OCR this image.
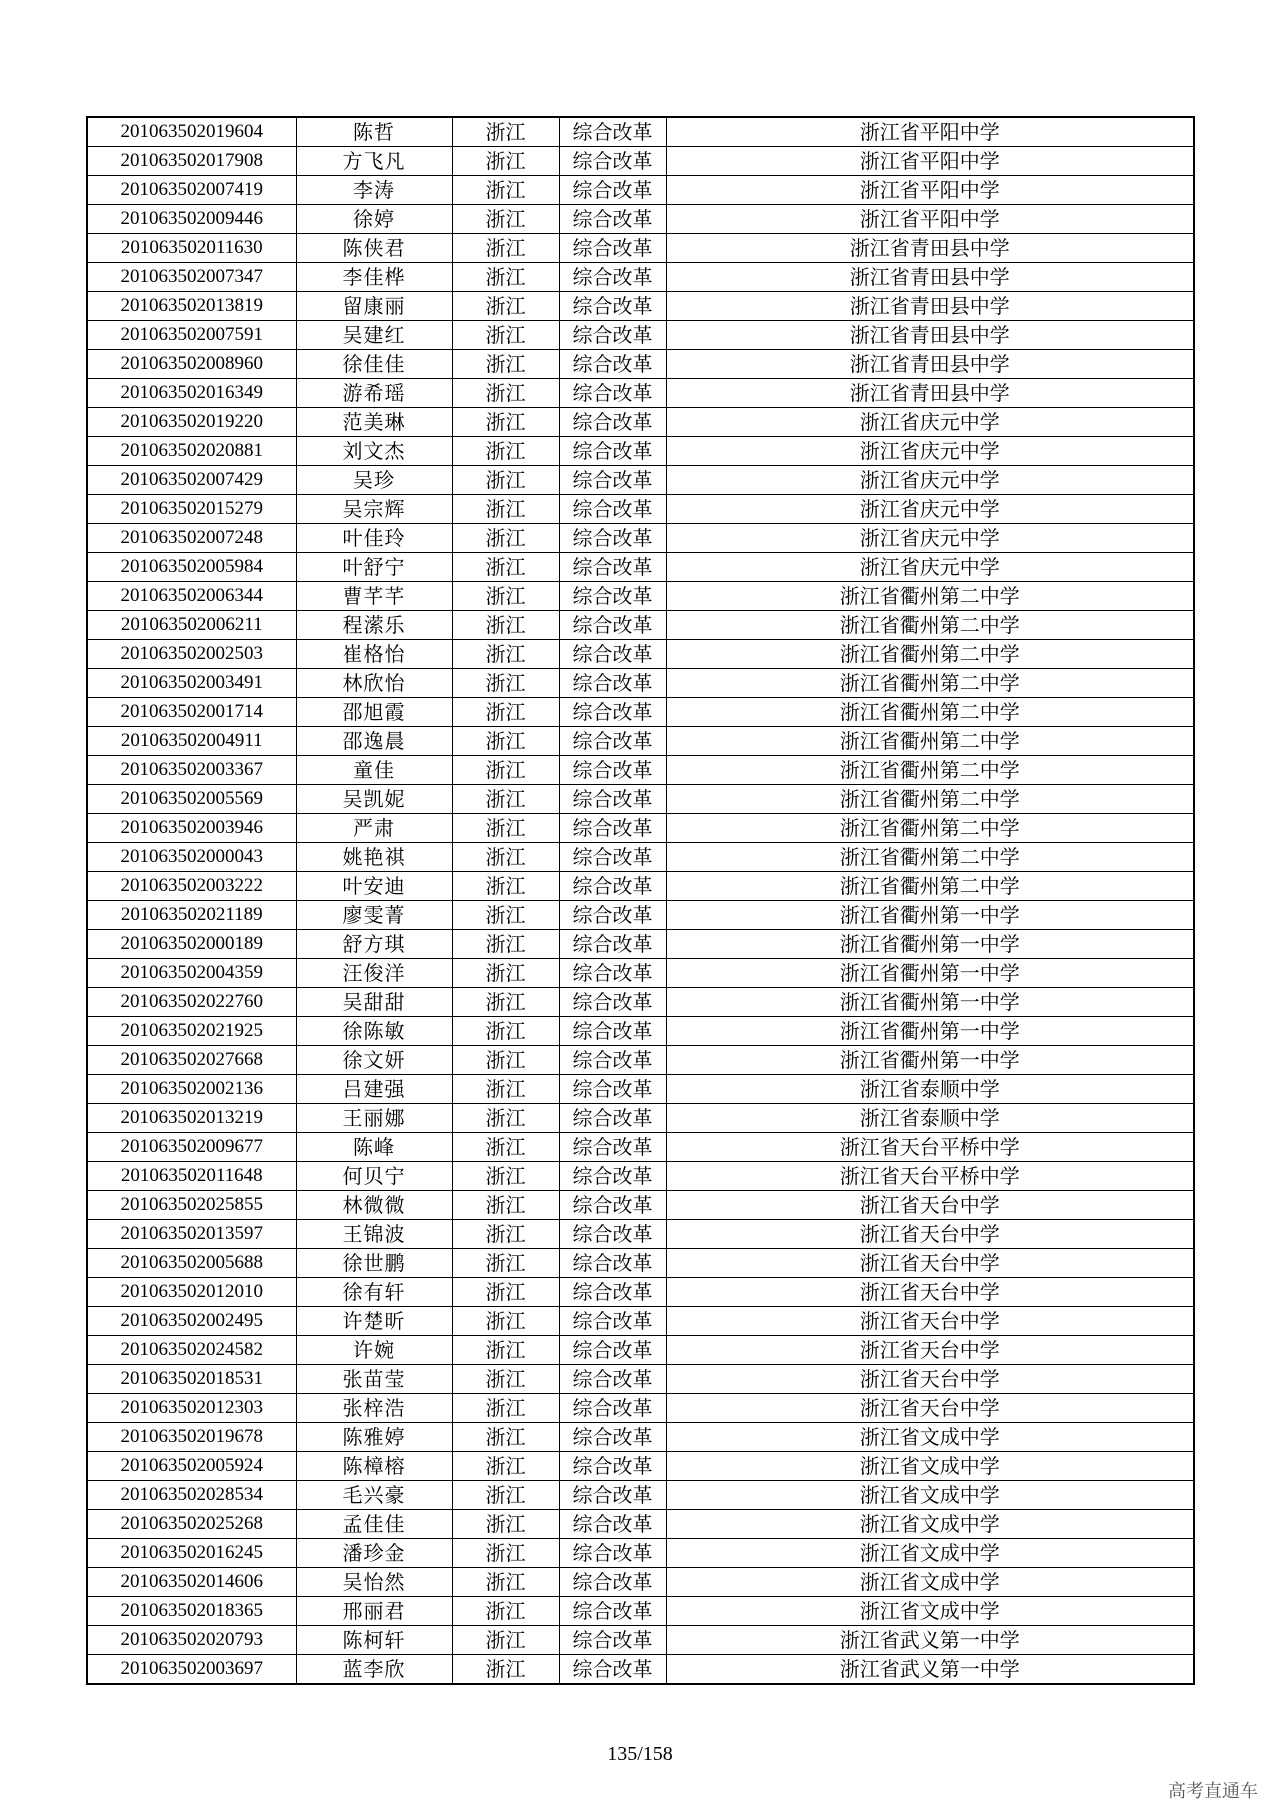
201063502019604	陈哲	浙江	综合改革	浙江省平阳中学
201063502017908	方飞凡	浙江	综合改革	浙江省平阳中学
201063502007419	李涛	浙江	综合改革	浙江省平阳中学
201063502009446	徐婷	浙江	综合改革	浙江省平阳中学
201063502011630	陈侠君	浙江	综合改革	浙江省青田县中学
201063502007347	李佳桦	浙江	综合改革	浙江省青田县中学
201063502013819	留康丽	浙江	综合改革	浙江省青田县中学
201063502007591	吴建红	浙江	综合改革	浙江省青田县中学
201063502008960	徐佳佳	浙江	综合改革	浙江省青田县中学
201063502016349	游希瑶	浙江	综合改革	浙江省青田县中学
201063502019220	范美琳	浙江	综合改革	浙江省庆元中学
201063502020881	刘文杰	浙江	综合改革	浙江省庆元中学
201063502007429	吴珍	浙江	综合改革	浙江省庆元中学
201063502015279	吴宗辉	浙江	综合改革	浙江省庆元中学
201063502007248	叶佳玲	浙江	综合改革	浙江省庆元中学
201063502005984	叶舒宁	浙江	综合改革	浙江省庆元中学
201063502006344	曹芊芊	浙江	综合改革	浙江省衢州第二中学
201063502006211	程潆乐	浙江	综合改革	浙江省衢州第二中学
201063502002503	崔格怡	浙江	综合改革	浙江省衢州第二中学
201063502003491	林欣怡	浙江	综合改革	浙江省衢州第二中学
201063502001714	邵旭霞	浙江	综合改革	浙江省衢州第二中学
201063502004911	邵逸晨	浙江	综合改革	浙江省衢州第二中学
201063502003367	童佳	浙江	综合改革	浙江省衢州第二中学
201063502005569	吴凯妮	浙江	综合改革	浙江省衢州第二中学
201063502003946	严肃	浙江	综合改革	浙江省衢州第二中学
201063502000043	姚艳祺	浙江	综合改革	浙江省衢州第二中学
201063502003222	叶安迪	浙江	综合改革	浙江省衢州第二中学
201063502021189	廖雯菁	浙江	综合改革	浙江省衢州第一中学
201063502000189	舒方琪	浙江	综合改革	浙江省衢州第一中学
201063502004359	汪俊洋	浙江	综合改革	浙江省衢州第一中学
201063502022760	吴甜甜	浙江	综合改革	浙江省衢州第一中学
201063502021925	徐陈敏	浙江	综合改革	浙江省衢州第一中学
201063502027668	徐文妍	浙江	综合改革	浙江省衢州第一中学
201063502002136	吕建强	浙江	综合改革	浙江省泰顺中学
201063502013219	王丽娜	浙江	综合改革	浙江省泰顺中学
201063502009677	陈峰	浙江	综合改革	浙江省天台平桥中学
201063502011648	何贝宁	浙江	综合改革	浙江省天台平桥中学
201063502025855	林微微	浙江	综合改革	浙江省天台中学
201063502013597	王锦波	浙江	综合改革	浙江省天台中学
201063502005688	徐世鹏	浙江	综合改革	浙江省天台中学
201063502012010	徐有轩	浙江	综合改革	浙江省天台中学
201063502002495	许楚昕	浙江	综合改革	浙江省天台中学
201063502024582	许婉	浙江	综合改革	浙江省天台中学
201063502018531	张苗莹	浙江	综合改革	浙江省天台中学
201063502012303	张梓浩	浙江	综合改革	浙江省天台中学
201063502019678	陈雅婷	浙江	综合改革	浙江省文成中学
201063502005924	陈樟榕	浙江	综合改革	浙江省文成中学
201063502028534	毛兴豪	浙江	综合改革	浙江省文成中学
201063502025268	孟佳佳	浙江	综合改革	浙江省文成中学
201063502016245	潘珍金	浙江	综合改革	浙江省文成中学
201063502014606	吴怡然	浙江	综合改革	浙江省文成中学
201063502018365	邢丽君	浙江	综合改革	浙江省文成中学
201063502020793	陈柯轩	浙江	综合改革	浙江省武义第一中学
201063502003697	蓝李欣	浙江	综合改革	浙江省武义第一中学
135/158
高考直通车
